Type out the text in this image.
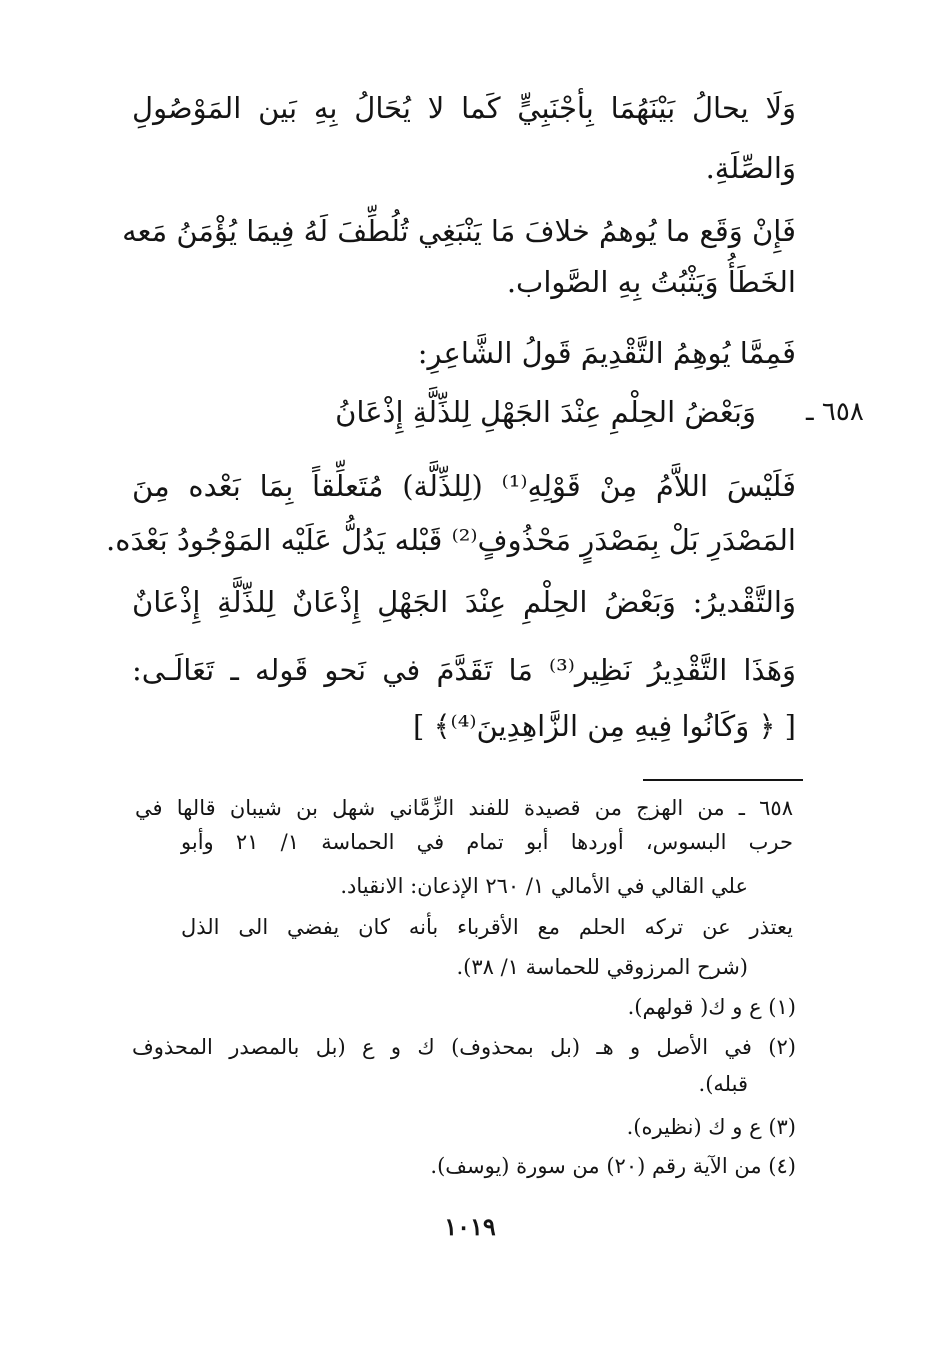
وَلَا يحالُ بَيْنَهُمَا بِأجْنَبِيٍّ كَما لا يُحَالُ بِهِ بَين المَوْصُولِ

وَالصِّلَةِ.

فَإِنْ وَقَع ما يُوهمُ خلافَ مَا يَنْبَغِي تُلُطِّفَ لَهُ فِيمَا يُؤْمَنُ مَعه

الخَطَأُ وَيَثْبُتُ بِهِ الصَّواب.

فَمِمَّا يُوهِمُ التَّقْدِيمَ قَولُ الشَّاعِرِ:

٦٥٨ ـ

وَبَعْضُ الحِلْمِ عِنْدَ الجَهْلِ لِلذِّلَّةِ إِذْعَانُ

فَلَيْسَ اللاَّمُ مِنْ قَوْلِهِ⁽¹⁾ (لِلذِّلَّة) مُتَعلِّقاً بِمَا بَعْده مِنَ

المَصْدَرِ بَلْ بِمَصْدَرٍ مَحْذُوفٍ⁽²⁾ قَبْله يَدُلُّ عَلَيْه المَوْجُودُ بَعْدَه.

وَالتَّقْديرُ: وَبَعْضُ الحِلْمِ عِنْدَ الجَهْلِ إِذْعَانٌ لِلذِّلَّةِ إِذْعَانٌ

وَهَذَا التَّقْدِيرُ نَظِير⁽³⁾ مَا تَقَدَّمَ في نَحو قَوله ـ تَعَالَـى:

[ ﴿ وَكَانُوا فِيهِ مِن الزَّاهِدِينَ⁽⁴⁾﴾ ]

٦٥٨ ـ من الهزج من قصيدة للفند الزِّمَّاني شهل بن شيبان قالها في

حرب البسوس، أوردها أبو تمام في الحماسة ١/ ٢١ وأبو

علي القالي في الأمالي ١/ ٢٦٠ الإذعان: الانقياد.

يعتذر عن تركه الحلم مع الأقرباء بأنه كان يفضي الى الذل

(شرح المرزوقي للحماسة ١/ ٣٨).

(١) ع و ك( قولهم).

(٢) في الأصل و هـ (بل بمحذوف) ك و ع (بل بالمصدر المحذوف

قبله).

(٣) ع و ك (نظيره).

(٤) من الآية رقم (٢٠) من سورة (يوسف).

١٠١٩
